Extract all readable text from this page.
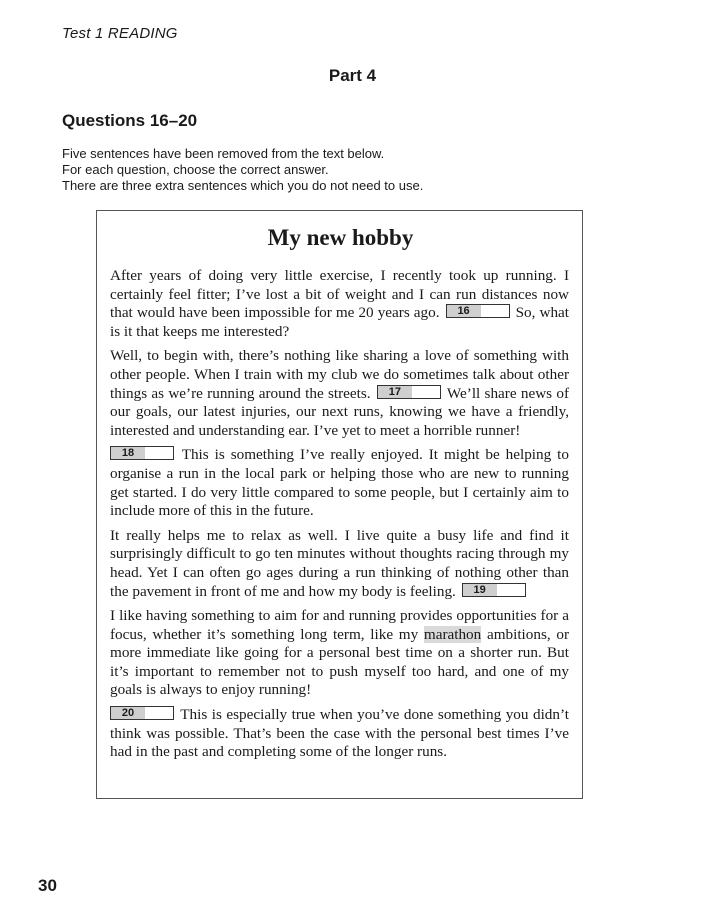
Test 1 READING
Part 4
Questions 16–20
Five sentences have been removed from the text below.
For each question, choose the correct answer.
There are three extra sentences which you do not need to use.
My new hobby

After years of doing very little exercise, I recently took up running. I certainly feel fitter; I’ve lost a bit of weight and I can run distances now that would have been impossible for me 20 years ago.	16	So, what is it that keeps me interested?

Well, to begin with, there’s nothing like sharing a love of something with other people. When I train with my club we do sometimes talk about other things as we’re running around the streets.	17	We’ll share news of our goals, our latest injuries, our next runs, knowing we have a friendly, interested and understanding ear. I’ve yet to meet a horrible runner!

18	This is something I’ve really enjoyed. It might be helping to organise a run in the local park or helping those who are new to running get started. I do very little compared to some people, but I certainly aim to include more of this in the future.

It really helps me to relax as well. I live quite a busy life and find it surprisingly difficult to go ten minutes without thoughts racing through my head. Yet I can often go ages during a run thinking of nothing other than the pavement in front of me and how my body is feeling.	19

I like having something to aim for and running provides opportunities for a focus, whether it’s something long term, like my marathon ambitions, or more immediate like going for a personal best time on a shorter run. But it’s important to remember not to push myself too hard, and one of my goals is always to enjoy running!

20	This is especially true when you’ve done something you didn’t think was possible. That’s been the case with the personal best times I’ve had in the past and completing some of the longer runs.

30
